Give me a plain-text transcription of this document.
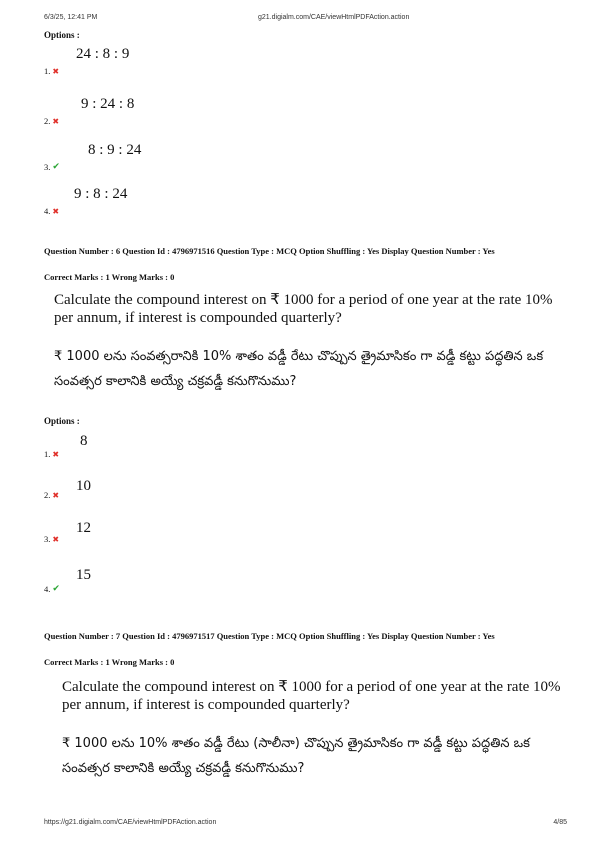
6/3/25, 12:41 PM	g21.digialm.com/CAE/viewHtmlPDFAction.action
Options :
24 : 8 : 9
1. ✖
9 : 24 : 8
2. ✖
8 : 9 : 24
3. ✔
9 : 8 : 24
4. ✖
Question Number : 6 Question Id : 4796971516 Question Type : MCQ Option Shuffling : Yes Display Question Number : Yes
Correct Marks : 1 Wrong Marks : 0
Calculate the compound interest on ₹ 1000 for a period of one year at the rate 10% per annum, if interest is compounded quarterly?
₹ 1000 లను సంవత్సరానికి 10% శాతం వడ్డీ రేటు చొప్పున త్రైమాసికం గా వడ్డీ కట్టు పద్ధతిన ఒక సంవత్సర కాలానికి అయ్యే చక్రవడ్డీ కనుగొనుము?
Options :
8
1. ✖
10
2. ✖
12
3. ✖
15
4. ✔
Question Number : 7 Question Id : 4796971517 Question Type : MCQ Option Shuffling : Yes Display Question Number : Yes
Correct Marks : 1 Wrong Marks : 0
Calculate the compound interest on ₹ 1000 for a period of one year at the rate 10% per annum, if interest is compounded quarterly?
₹ 1000 లను 10% శాతం వడ్డీ రేటు (సాలీనా) చొప్పున త్రైమాసికం గా వడ్డీ కట్టు పద్ధతిన ఒక సంవత్సర కాలానికి అయ్యే చక్రవడ్డీ కనుగొనుము?
https://g21.digialm.com/CAE/viewHtmlPDFAction.action	4/85
